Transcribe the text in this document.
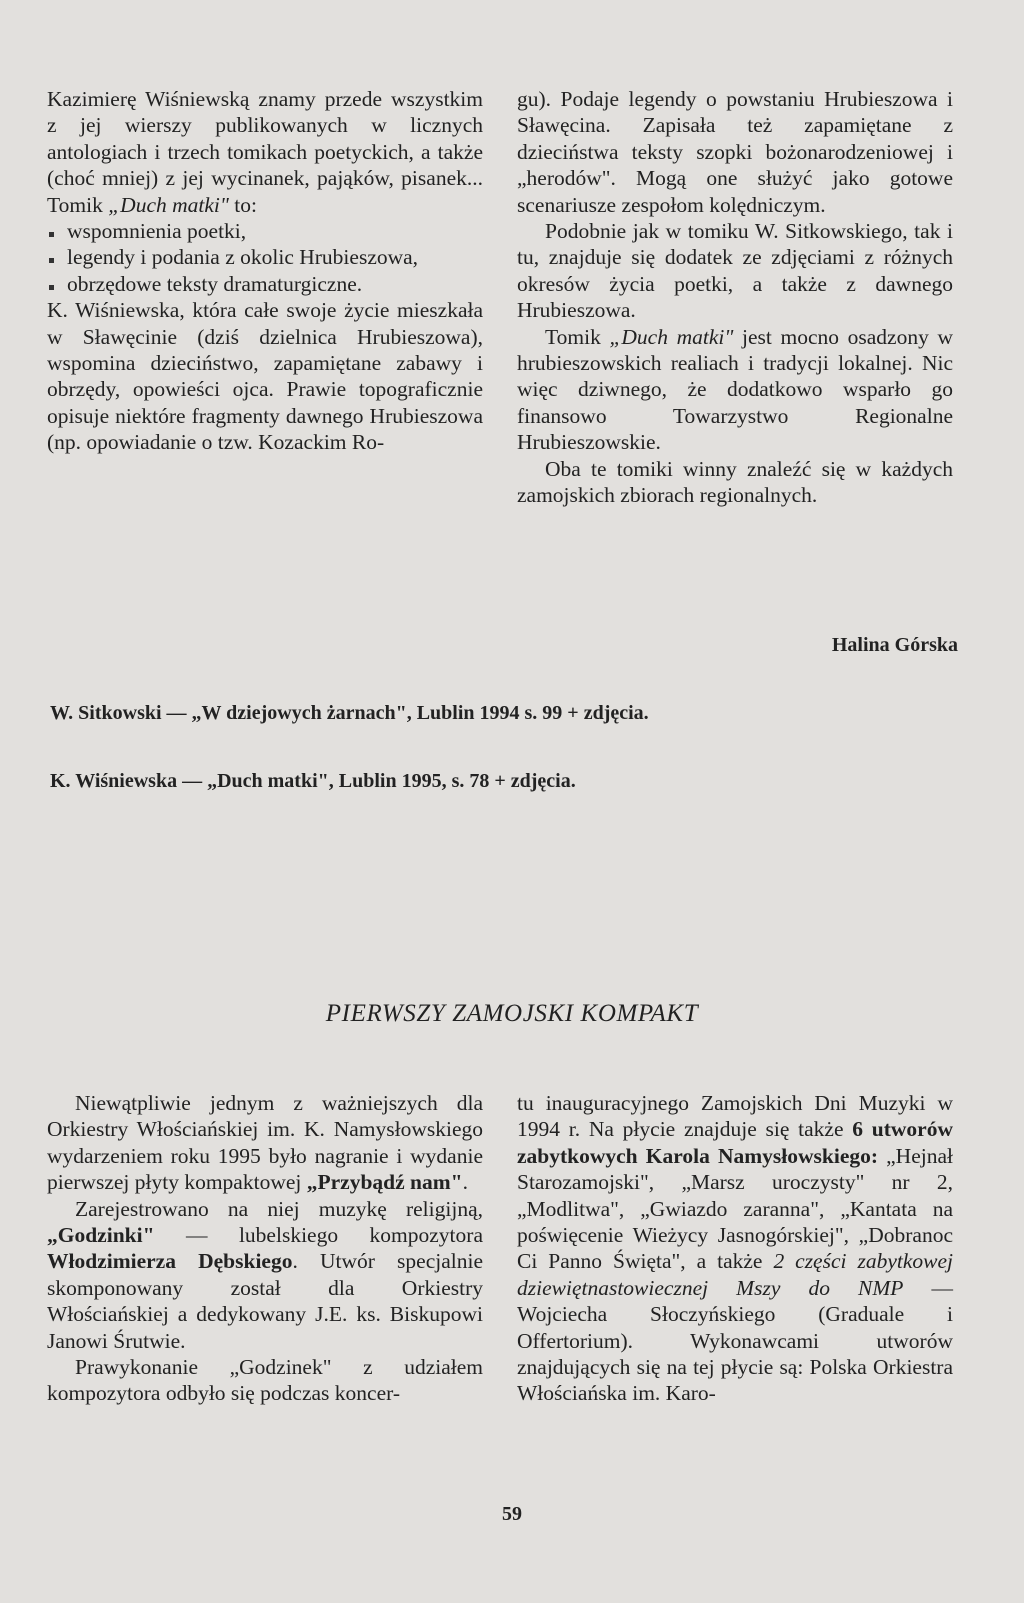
Kazimierę Wiśniewską znamy przede wszystkim z jej wierszy publikowanych w licznych antologiach i trzech tomikach poetyckich, a także (choć mniej) z jej wycinanek, pająków, pisanek... Tomik „Duch matki" to:

wspomnienia poetki,

legendy i podania z okolic Hrubieszowa,

obrzędowe teksty dramaturgiczne.

K. Wiśniewska, która całe swoje życie mieszkała w Sławęcinie (dziś dzielnica Hrubieszowa), wspomina dzieciństwo, zapamiętane zabawy i obrzędy, opowieści ojca. Prawie topograficznie opisuje niektóre fragmenty dawnego Hrubieszowa (np. opowiadanie o tzw. Kozackim Ro-

gu). Podaje legendy o powstaniu Hrubieszowa i Sławęcina. Zapisała też zapamiętane z dzieciństwa teksty szopki bożonarodzeniowej i „herodów". Mogą one służyć jako gotowe scenariusze zespołom kolędniczym.

Podobnie jak w tomiku W. Sitkowskiego, tak i tu, znajduje się dodatek ze zdjęciami z różnych okresów życia poetki, a także z dawnego Hrubieszowa.

Tomik „Duch matki" jest mocno osadzony w hrubieszowskich realiach i tradycji lokalnej. Nic więc dziwnego, że dodatkowo wsparło go finansowo Towarzystwo Regionalne Hrubieszowskie.

Oba te tomiki winny znaleźć się w każdych zamojskich zbiorach regionalnych.

Halina Górska
W. Sitkowski — „W dziejowych żarnach", Lublin 1994 s. 99 + zdjęcia.
K. Wiśniewska — „Duch matki", Lublin 1995, s. 78 + zdjęcia.
PIERWSZY ZAMOJSKI KOMPAKT

Niewątpliwie jednym z ważniejszych dla Orkiestry Włościańskiej im. K. Namysłowskiego wydarzeniem roku 1995 było nagranie i wydanie pierwszej płyty kompaktowej „Przybądź nam".

Zarejestrowano na niej muzykę religijną, „Godzinki" — lubelskiego kompozytora Włodzimierza Dębskiego. Utwór specjalnie skomponowany został dla Orkiestry Włościańskiej a dedykowany J.E. ks. Biskupowi Janowi Śrutwie.

Prawykonanie „Godzinek" z udziałem kompozytora odbyło się podczas koncer-

tu inauguracyjnego Zamojskich Dni Muzyki w 1994 r. Na płycie znajduje się także 6 utworów zabytkowych Karola Namysłowskiego: „Hejnał Starozamojski", „Marsz uroczysty" nr 2, „Modlitwa", „Gwiazdo zaranna", „Kantata na poświęcenie Wieżycy Jasnogórskiej", „Dobranoc Ci Panno Święta", a także 2 części zabytkowej dziewiętnastowiecznej Mszy do NMP — Wojciecha Słoczyńskiego (Graduale i Offertorium). Wykonawcami utworów znajdujących się na tej płycie są: Polska Orkiestra Włościańska im. Karo-

59
